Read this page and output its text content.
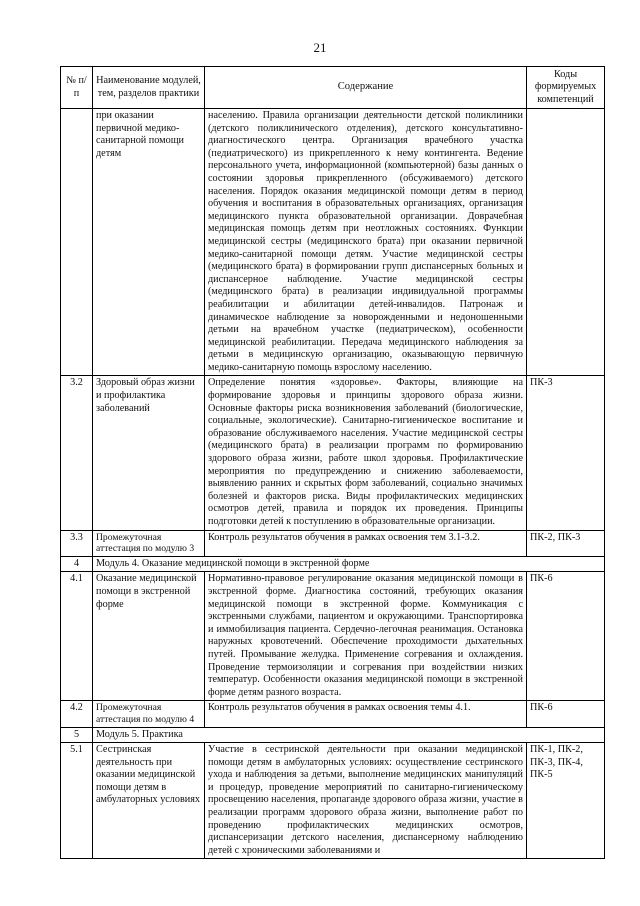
21
№ п/п	Наименование модулей, тем, разделов практики	Содержание	Коды формируемых компетенций
	при оказании первичной медико-санитарной помощи детям	населению. Правила организации деятельности детской поликлиники (детского поликлинического отделения), детского консультативно-диагностического центра. Организация врачебного участка (педиатрического) из прикрепленного к нему контингента. Ведение персонального учета, информационной (компьютерной) базы данных о состоянии здоровья прикрепленного (обсуживаемого) детского населения. Порядок оказания медицинской помощи детям в период обучения и воспитания в образовательных организациях, организация медицинского пункта образовательной организации. Доврачебная медицинская помощь детям при неотложных состояниях. Функции медицинской сестры (медицинского брата) при оказании первичной медико-санитарной помощи детям. Участие медицинской сестры (медицинского брата) в формировании групп диспансерных больных и диспансерное наблюдение. Участие медицинской сестры (медицинского брата) в реализации индивидуальной программы реабилитации и абилитации детей-инвалидов. Патронаж и динамическое наблюдение за новорожденными и недоношенными детьми на врачебном участке (педиатрическом), особенности медицинской реабилитации. Передача медицинского наблюдения за детьми в медицинскую организацию, оказывающую первичную медико-санитарную помощь взрослому населению.	
3.2	Здоровый образ жизни и профилактика заболеваний	Определение понятия «здоровье». Факторы, влияющие на формирование здоровья и принципы здорового образа жизни. Основные факторы риска возникновения заболеваний (биологические, социальные, экологические). Санитарно-гигиеническое воспитание и образование обслуживаемого населения. Участие медицинской сестры (медицинского брата) в реализации программ по формированию здорового образа жизни, работе школ здоровья. Профилактические мероприятия по предупреждению и снижению заболеваемости, выявлению ранних и скрытых форм заболеваний, социально значимых болезней и факторов риска. Виды профилактических медицинских осмотров детей, правила и порядок их проведения. Принципы подготовки детей к поступлению в образовательные организации.	ПК-3
3.3	Промежуточная аттестация по модулю 3	Контроль результатов обучения в рамках освоения тем 3.1-3.2.	ПК-2, ПК-3
4	Модуль 4. Оказание медицинской помощи в экстренной форме		
4.1	Оказание медицинской помощи в экстренной форме	Нормативно-правовое регулирование оказания медицинской помощи в экстренной форме. Диагностика состояний, требующих оказания медицинской помощи в экстренной форме. Коммуникация с экстренными службами, пациентом и окружающими. Транспортировка и иммобилизация пациента. Сердечно-легочная реанимация. Остановка наружных кровотечений. Обеспечение проходимости дыхательных путей. Промывание желудка. Применение согревания и охлаждения. Проведение термоизоляции и согревания при воздействии низких температур. Особенности оказания медицинской помощи в экстренной форме детям разного возраста.	ПК-6
4.2	Промежуточная аттестация по модулю 4	Контроль результатов обучения в рамках освоения темы 4.1.	ПК-6
5	Модуль 5. Практика		
5.1	Сестринская деятельность при оказании медицинской помощи детям в амбулаторных условиях	Участие в сестринской деятельности при оказании медицинской помощи детям в амбулаторных условиях: осуществление сестринского ухода и наблюдения за детьми, выполнение медицинских манипуляций и процедур, проведение мероприятий по санитарно-гигиеническому просвещению населения, пропаганде здорового образа жизни, участие в реализации программ здорового образа жизни, выполнение работ по проведению профилактических медицинских осмотров, диспансеризации детского населения, диспансерному наблюдению детей с хроническими заболеваниями и	ПК-1, ПК-2, ПК-3, ПК-4, ПК-5
